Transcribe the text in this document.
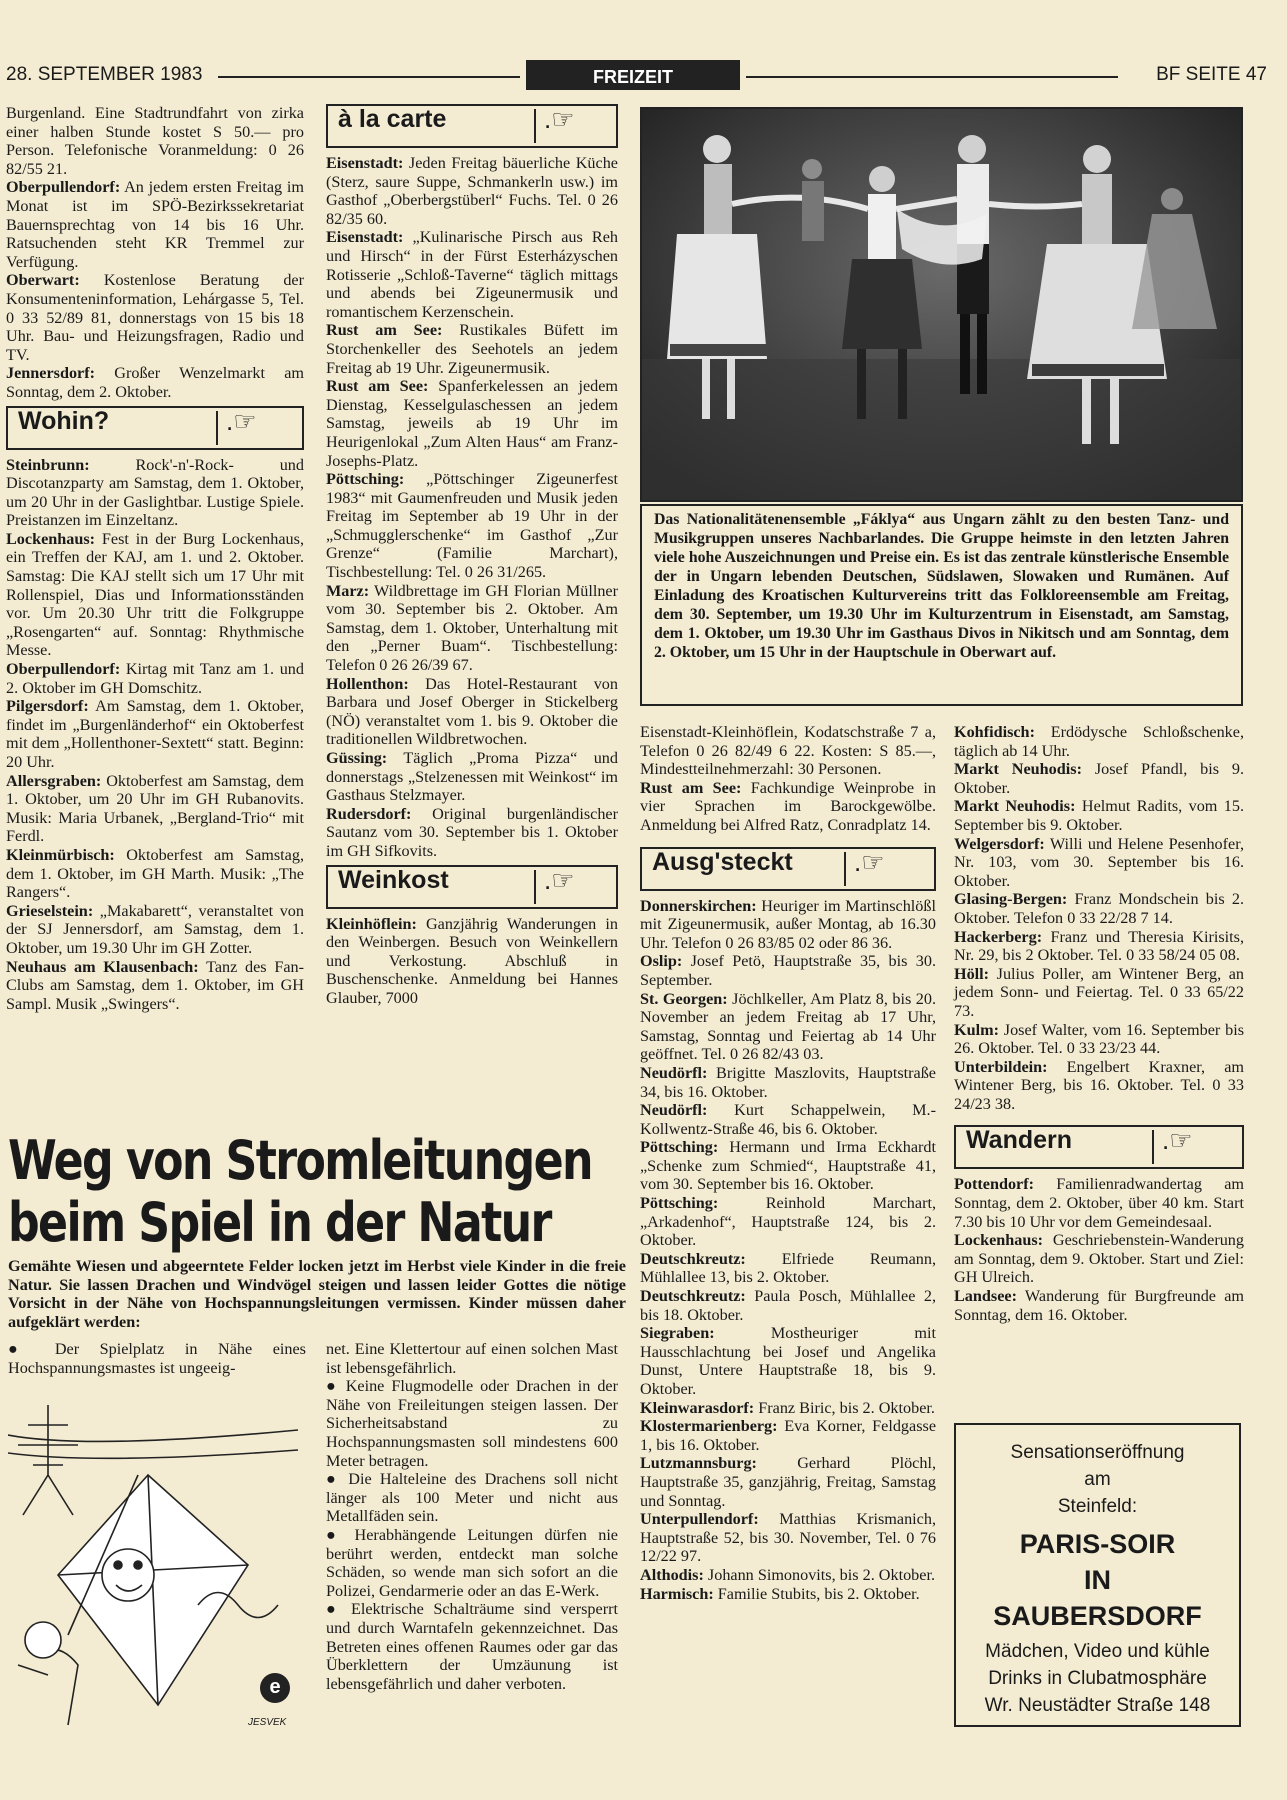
28. SEPTEMBER 1983	FREIZEIT	BF SEITE 47

Burgenland. Eine Stadtrundfahrt von zirka einer halben Stunde kostet S 50.— pro Person. Telefonische Voranmeldung: 0 26 82/55 21.

Oberpullendorf: An jedem ersten Freitag im Monat ist im SPÖ-Bezirkssekretariat Bauernsprechtag von 14 bis 16 Uhr. Ratsuchenden steht KR Tremmel zur Verfügung.

Oberwart: Kostenlose Beratung der Konsumenteninformation, Lehárgasse 5, Tel. 0 33 52/89 81, donnerstags von 15 bis 18 Uhr. Bau- und Heizungsfragen, Radio und TV.

Jennersdorf: Großer Wenzelmarkt am Sonntag, dem 2. Oktober.

Wohin?	.☞

Steinbrunn: Rock'-n'-Rock- und Discotanzparty am Samstag, dem 1. Oktober, um 20 Uhr in der Gaslightbar. Lustige Spiele. Preistanzen im Einzeltanz.

Lockenhaus: Fest in der Burg Lockenhaus, ein Treffen der KAJ, am 1. und 2. Oktober. Samstag: Die KAJ stellt sich um 17 Uhr mit Rollenspiel, Dias und Informationsständen vor. Um 20.30 Uhr tritt die Folkgruppe „Rosengarten“ auf. Sonntag: Rhythmische Messe.

Oberpullendorf: Kirtag mit Tanz am 1. und 2. Oktober im GH Domschitz.

Pilgersdorf: Am Samstag, dem 1. Oktober, findet im „Burgenländerhof“ ein Oktoberfest mit dem „Hollenthoner-Sextett“ statt. Beginn: 20 Uhr.

Allersgraben: Oktoberfest am Samstag, dem 1. Oktober, um 20 Uhr im GH Rubanovits. Musik: Maria Urbanek, „Bergland-Trio“ mit Ferdl.

Kleinmürbisch: Oktoberfest am Samstag, dem 1. Oktober, im GH Marth. Musik: „The Rangers“.

Grieselstein: „Makabarett“, veranstaltet von der SJ Jennersdorf, am Samstag, dem 1. Oktober, um 19.30 Uhr im GH Zotter.

Neuhaus am Klausenbach: Tanz des Fan-Clubs am Samstag, dem 1. Oktober, im GH Sampl. Musik „Swingers“.

à la carte	.☞

Eisenstadt: Jeden Freitag bäuerliche Küche (Sterz, saure Suppe, Schmankerln usw.) im Gasthof „Oberbergstüberl“ Fuchs. Tel. 0 26 82/35 60.

Eisenstadt: „Kulinarische Pirsch aus Reh und Hirsch“ in der Fürst Esterházyschen Rotisserie „Schloß-Taverne“ täglich mittags und abends bei Zigeunermusik und romantischem Kerzenschein.

Rust am See: Rustikales Büfett im Storchenkeller des Seehotels an jedem Freitag ab 19 Uhr. Zigeunermusik.

Rust am See: Spanferkelessen an jedem Dienstag, Kesselgulaschessen an jedem Samstag, jeweils ab 19 Uhr im Heurigenlokal „Zum Alten Haus“ am Franz-Josephs-Platz.

Pöttsching: „Pöttschinger Zigeunerfest 1983“ mit Gaumenfreuden und Musik jeden Freitag im September ab 19 Uhr in der „Schmugglerschenke“ im Gasthof „Zur Grenze“ (Familie Marchart), Tischbestellung: Tel. 0 26 31/265.

Marz: Wildbrettage im GH Florian Müllner vom 30. September bis 2. Oktober. Am Samstag, dem 1. Oktober, Unterhaltung mit den „Perner Buam“. Tischbestellung: Telefon 0 26 26/39 67.

Hollenthon: Das Hotel-Restaurant von Barbara und Josef Oberger in Stickelberg (NÖ) veranstaltet vom 1. bis 9. Oktober die traditionellen Wildbretwochen.

Güssing: Täglich „Proma Pizza“ und donnerstags „Stelzenessen mit Weinkost“ im Gasthaus Stelzmayer.

Rudersdorf: Original burgenländischer Sautanz vom 30. September bis 1. Oktober im GH Sifkovits.

Weinkost	.☞

Kleinhöflein: Ganzjährig Wanderungen in den Weinbergen. Besuch von Weinkellern und Verkostung. Abschluß in Buschenschenke. Anmeldung bei Hannes Glauber, 7000

Das Nationalitätenensemble „Fáklya“ aus Ungarn zählt zu den besten Tanz- und Musikgruppen unseres Nachbarlandes. Die Gruppe heimste in den letzten Jahren viele hohe Auszeichnungen und Preise ein. Es ist das zentrale künstlerische Ensemble der in Ungarn lebenden Deutschen, Südslawen, Slowaken und Rumänen. Auf Einladung des Kroatischen Kulturvereins tritt das Folkloreensemble am Freitag, dem 30. September, um 19.30 Uhr im Kulturzentrum in Eisenstadt, am Samstag, dem 1. Oktober, um 19.30 Uhr im Gasthaus Divos in Nikitsch und am Sonntag, dem 2. Oktober, um 15 Uhr in der Hauptschule in Oberwart auf.

Eisenstadt-Kleinhöflein, Kodatschstraße 7 a, Telefon 0 26 82/49 6 22. Kosten: S 85.—, Mindestteilnehmerzahl: 30 Personen.

Rust am See: Fachkundige Weinprobe in vier Sprachen im Barockgewölbe. Anmeldung bei Alfred Ratz, Conradplatz 14.

Ausg'steckt .☞

Donnerskirchen: Heuriger im Martinschlößl mit Zigeunermusik, außer Montag, ab 16.30 Uhr. Telefon 0 26 83/85 02 oder 86 36.

Oslip: Josef Petö, Hauptstraße 35, bis 30. September.

St. Georgen: Jöchlkeller, Am Platz 8, bis 20. November an jedem Freitag ab 17 Uhr, Samstag, Sonntag und Feiertag ab 14 Uhr geöffnet. Tel. 0 26 82/43 03.

Neudörfl: Brigitte Maszlovits, Hauptstraße 34, bis 16. Oktober.

Neudörfl: Kurt Schappelwein, M.-Kollwentz-Straße 46, bis 6. Oktober.

Pöttsching: Hermann und Irma Eckhardt „Schenke zum Schmied“, Hauptstraße 41, vom 30. September bis 16. Oktober.

Pöttsching: Reinhold Marchart, „Arkadenhof“, Hauptstraße 124, bis 2. Oktober.

Deutschkreutz: Elfriede Reumann, Mühlallee 13, bis 2. Oktober.

Deutschkreutz: Paula Posch, Mühlallee 2, bis 18. Oktober.

Siegraben: Mostheuriger mit Hausschlachtung bei Josef und Angelika Dunst, Untere Hauptstraße 18, bis 9. Oktober.

Kleinwarasdorf: Franz Biric, bis 2. Oktober.

Klostermarienberg: Eva Korner, Feldgasse 1, bis 16. Oktober.

Lutzmannsburg: Gerhard Plöchl, Hauptstraße 35, ganzjährig, Freitag, Samstag und Sonntag.

Unterpullendorf: Matthias Krismanich, Hauptstraße 52, bis 30. November, Tel. 0 76 12/22 97.

Althodis: Johann Simonovits, bis 2. Oktober.

Harmisch: Familie Stubits, bis 2. Oktober.

Kohfidisch: Erdödysche Schloßschenke, täglich ab 14 Uhr.

Markt Neuhodis: Josef Pfandl, bis 9. Oktober.

Markt Neuhodis: Helmut Radits, vom 15. September bis 9. Oktober.

Welgersdorf: Willi und Helene Pesenhofer, Nr. 103, vom 30. September bis 16. Oktober.

Glasing-Bergen: Franz Mondschein bis 2. Oktober. Telefon 0 33 22/28 7 14.

Hackerberg: Franz und Theresia Kirisits, Nr. 29, bis 2 Oktober. Tel. 0 33 58/24 05 08.

Höll: Julius Poller, am Wintener Berg, an jedem Sonn- und Feiertag. Tel. 0 33 65/22 73.

Kulm: Josef Walter, vom 16. September bis 26. Oktober. Tel. 0 33 23/23 44.

Unterbildein: Engelbert Kraxner, am Wintener Berg, bis 16. Oktober. Tel. 0 33 24/23 38.

Wandern	.☞

Pottendorf: Familienradwandertag am Sonntag, dem 2. Oktober, über 40 km. Start 7.30 bis 10 Uhr vor dem Gemeindesaal.

Lockenhaus: Geschriebenstein-Wanderung am Sonntag, dem 9. Oktober. Start und Ziel: GH Ulreich.

Landsee: Wanderung für Burgfreunde am Sonntag, dem 16. Oktober.

Weg von Stromleitungen
beim Spiel in der Natur
Gemähte Wiesen und abgeerntete Felder locken jetzt im Herbst viele Kinder in die freie Natur. Sie lassen Drachen und Windvögel steigen und lassen leider Gottes die nötige Vorsicht in der Nähe von Hochspannungsleitungen vermissen. Kinder müssen daher aufgeklärt werden:

● Der Spielplatz in Nähe eines Hochspannungsmastes ist ungeeig-

JESVEK
e

net. Eine Klettertour auf einen solchen Mast ist lebensgefährlich.

● Keine Flugmodelle oder Drachen in der Nähe von Freileitungen steigen lassen. Der Sicherheitsabstand zu Hochspannungsmasten soll mindestens 600 Meter betragen.

● Die Halteleine des Drachens soll nicht länger als 100 Meter und nicht aus Metallfäden sein.

● Herabhängende Leitungen dürfen nie berührt werden, entdeckt man solche Schäden, so wende man sich sofort an die Polizei, Gendarmerie oder an das E-Werk.

● Elektrische Schalträume sind versperrt und durch Warntafeln gekennzeichnet. Das Betreten eines offenen Raumes oder gar das Überklettern der Umzäunung ist lebensgefährlich und daher verboten.

Sensationseröffnung
am
Steinfeld:
PARIS-SOIR
IN
SAUBERSDORF
Mädchen, Video und kühle
Drinks in Clubatmosphäre
Wr. Neustädter Straße 148
